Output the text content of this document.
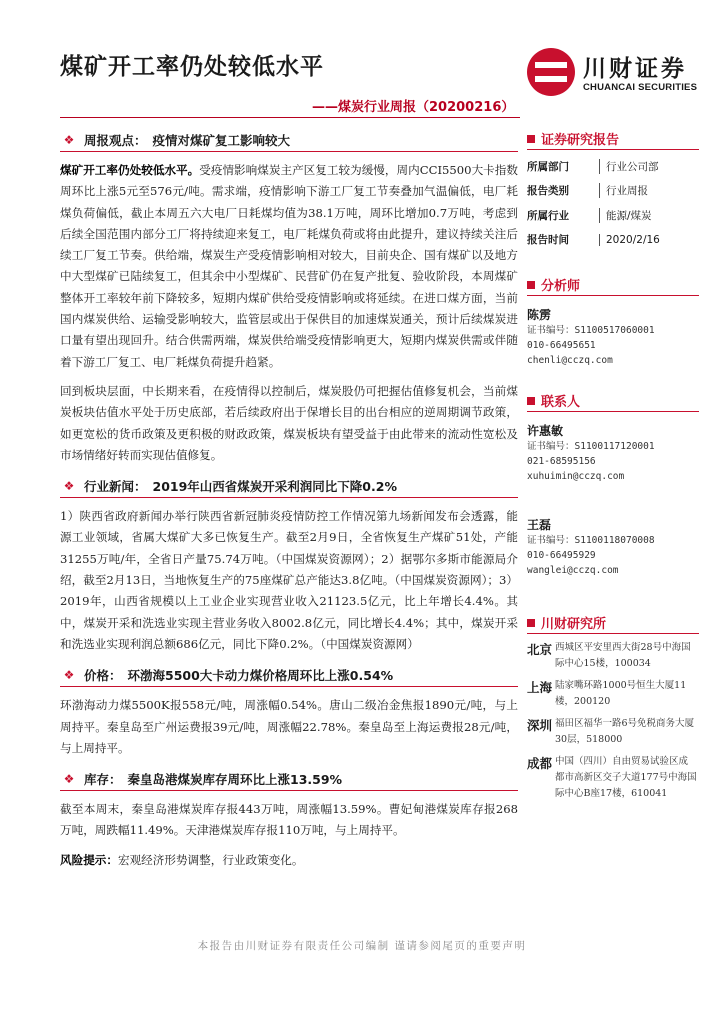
煤矿开工率仍处较低水平
——煤炭行业周报（20200216）
川财证券
CHUANCAI SECURITIES
❖ 周报观点： 疫情对煤矿复工影响较大

煤矿开工率仍处较低水平。受疫情影响煤炭主产区复工较为缓慢，周内CCI5500大卡指数周环比上涨5元至576元/吨。需求端，疫情影响下游工厂复工节奏叠加气温偏低，电厂耗煤负荷偏低，截止本周五六大电厂日耗煤均值为38.1万吨，周环比增加0.7万吨，考虑到后续全国范围内部分工厂将持续迎来复工，电厂耗煤负荷或将由此提升，建议持续关注后续工厂复工节奏。供给端，煤炭生产受疫情影响相对较大，目前央企、国有煤矿以及地方中大型煤矿已陆续复工，但其余中小型煤矿、民营矿仍在复产批复、验收阶段，本周煤矿整体开工率较年前下降较多，短期内煤矿供给受疫情影响或将延续。在进口煤方面，当前国内煤炭供给、运输受影响较大，监管层或出于保供目的加速煤炭通关，预计后续煤炭进口量有望出现回升。结合供需两端，煤炭供给端受疫情影响更大，短期内煤炭供需或伴随着下游工厂复工、电厂耗煤负荷提升趋紧。

回到板块层面，中长期来看，在疫情得以控制后，煤炭股仍可把握估值修复机会，当前煤炭板块估值水平处于历史底部，若后续政府出于保增长目的出台相应的逆周期调节政策，如更宽松的货币政策及更积极的财政政策，煤炭板块有望受益于由此带来的流动性宽松及市场情绪好转而实现估值修复。

❖ 行业新闻： 2019年山西省煤炭开采利润同比下降0.2%

1）陕西省政府新闻办举行陕西省新冠肺炎疫情防控工作情况第九场新闻发布会透露，能源工业领域，省属大煤矿大多已恢复生产。截至2月9日，全省恢复生产煤矿51处，产能31255万吨/年，全省日产量75.74万吨。（中国煤炭资源网）；2）据鄂尔多斯市能源局介绍，截至2月13日，当地恢复生产的75座煤矿总产能达3.8亿吨。（中国煤炭资源网）；3）2019年，山西省规模以上工业企业实现营业收入21123.5亿元，比上年增长4.4%。其中，煤炭开采和洗选业实现主营业务收入8002.8亿元，同比增长4.4%；其中，煤炭开采和洗选业实现利润总额686亿元，同比下降0.2%。（中国煤炭资源网）

❖ 价格： 环渤海5500大卡动力煤价格周环比上涨0.54%

环渤海动力煤5500K报558元/吨，周涨幅0.54%。唐山二级冶金焦报1890元/吨，与上周持平。秦皇岛至广州运费报39元/吨，周涨幅22.78%。秦皇岛至上海运费报28元/吨，与上周持平。

❖ 库存： 秦皇岛港煤炭库存周环比上涨13.59%

截至本周末，秦皇岛港煤炭库存报443万吨，周涨幅13.59%。曹妃甸港煤炭库存报268万吨，周跌幅11.49%。天津港煤炭库存报110万吨，与上周持平。

风险提示：宏观经济形势调整，行业政策变化。

证券研究报告
所属部门	行业公司部
报告类别	行业周报
所属行业	能源/煤炭
报告时间	2020/2/16
分析师
陈雳
证书编号：S1100517060001
010-66495651
chenli@cczq.com
联系人
许惠敏
证书编号：S1100117120001
021-68595156
xuhuimin@cczq.com
王磊
证书编号：S1100118070008
010-66495929
wanglei@cczq.com
川财研究所
北京 西城区平安里西大街28号中海国际中心15楼，100034
上海 陆家嘴环路1000号恒生大厦11楼，200120
深圳 福田区福华一路6号免税商务大厦30层，518000
成都 中国（四川）自由贸易试验区成都市高新区交子大道177号中海国际中心B座17楼，610041
本报告由川财证券有限责任公司编制 谨请参阅尾页的重要声明
